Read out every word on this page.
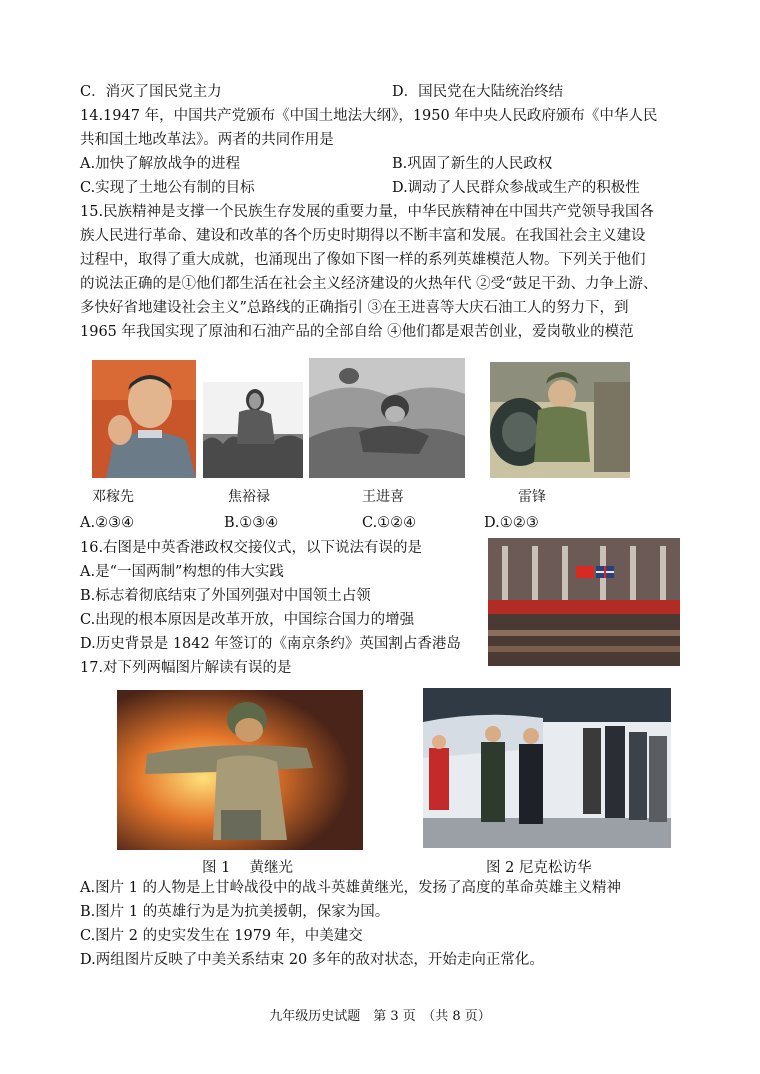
C．消灭了国民党主力	D．国民党在大陆统治终结
14.1947 年，中国共产党颁布《中国土地法大纲》，1950 年中央人民政府颁布《中华人民
共和国土地改革法》。两者的共同作用是
A.加快了解放战争的进程	B.巩固了新生的人民政权
C.实现了土地公有制的目标	D.调动了人民群众参战或生产的积极性
15.民族精神是支撑一个民族生存发展的重要力量，中华民族精神在中国共产党领导我国各
族人民进行革命、建设和改革的各个历史时期得以不断丰富和发展。在我国社会主义建设
过程中，取得了重大成就，也涌现出了像如下图一样的系列英雄模范人物。下列关于他们
的说法正确的是①他们都生活在社会主义经济建设的火热年代 ②受“鼓足干劲、力争上游、
多快好省地建设社会主义”总路线的正确指引 ③在王进喜等大庆石油工人的努力下，到
1965 年我国实现了原油和石油产品的全部自给 ④他们都是艰苦创业，爱岗敬业的模范
邓稼先	焦裕禄	王进喜	雷锋
A.②③④	B.①③④	C.①②④	D.①②③
16.右图是中英香港政权交接仪式，以下说法有误的是
A.是“一国两制”构想的伟大实践
B.标志着彻底结束了外国列强对中国领土占领
C.出现的根本原因是改革开放，中国综合国力的增强
D.历史背景是 1842 年签订的《南京条约》英国割占香港岛
17.对下列两幅图片解读有误的是
图 1　 黄继光	图 2 尼克松访华
A.图片 1 的人物是上甘岭战役中的战斗英雄黄继光，发扬了高度的革命英雄主义精神
B.图片 1 的英雄行为是为抗美援朝，保家为国。
C.图片 2 的史实发生在 1979 年，中美建交
D.两组图片反映了中美关系结束 20 多年的敌对状态，开始走向正常化。
九年级历史试题　第 3 页　（共 8 页）
